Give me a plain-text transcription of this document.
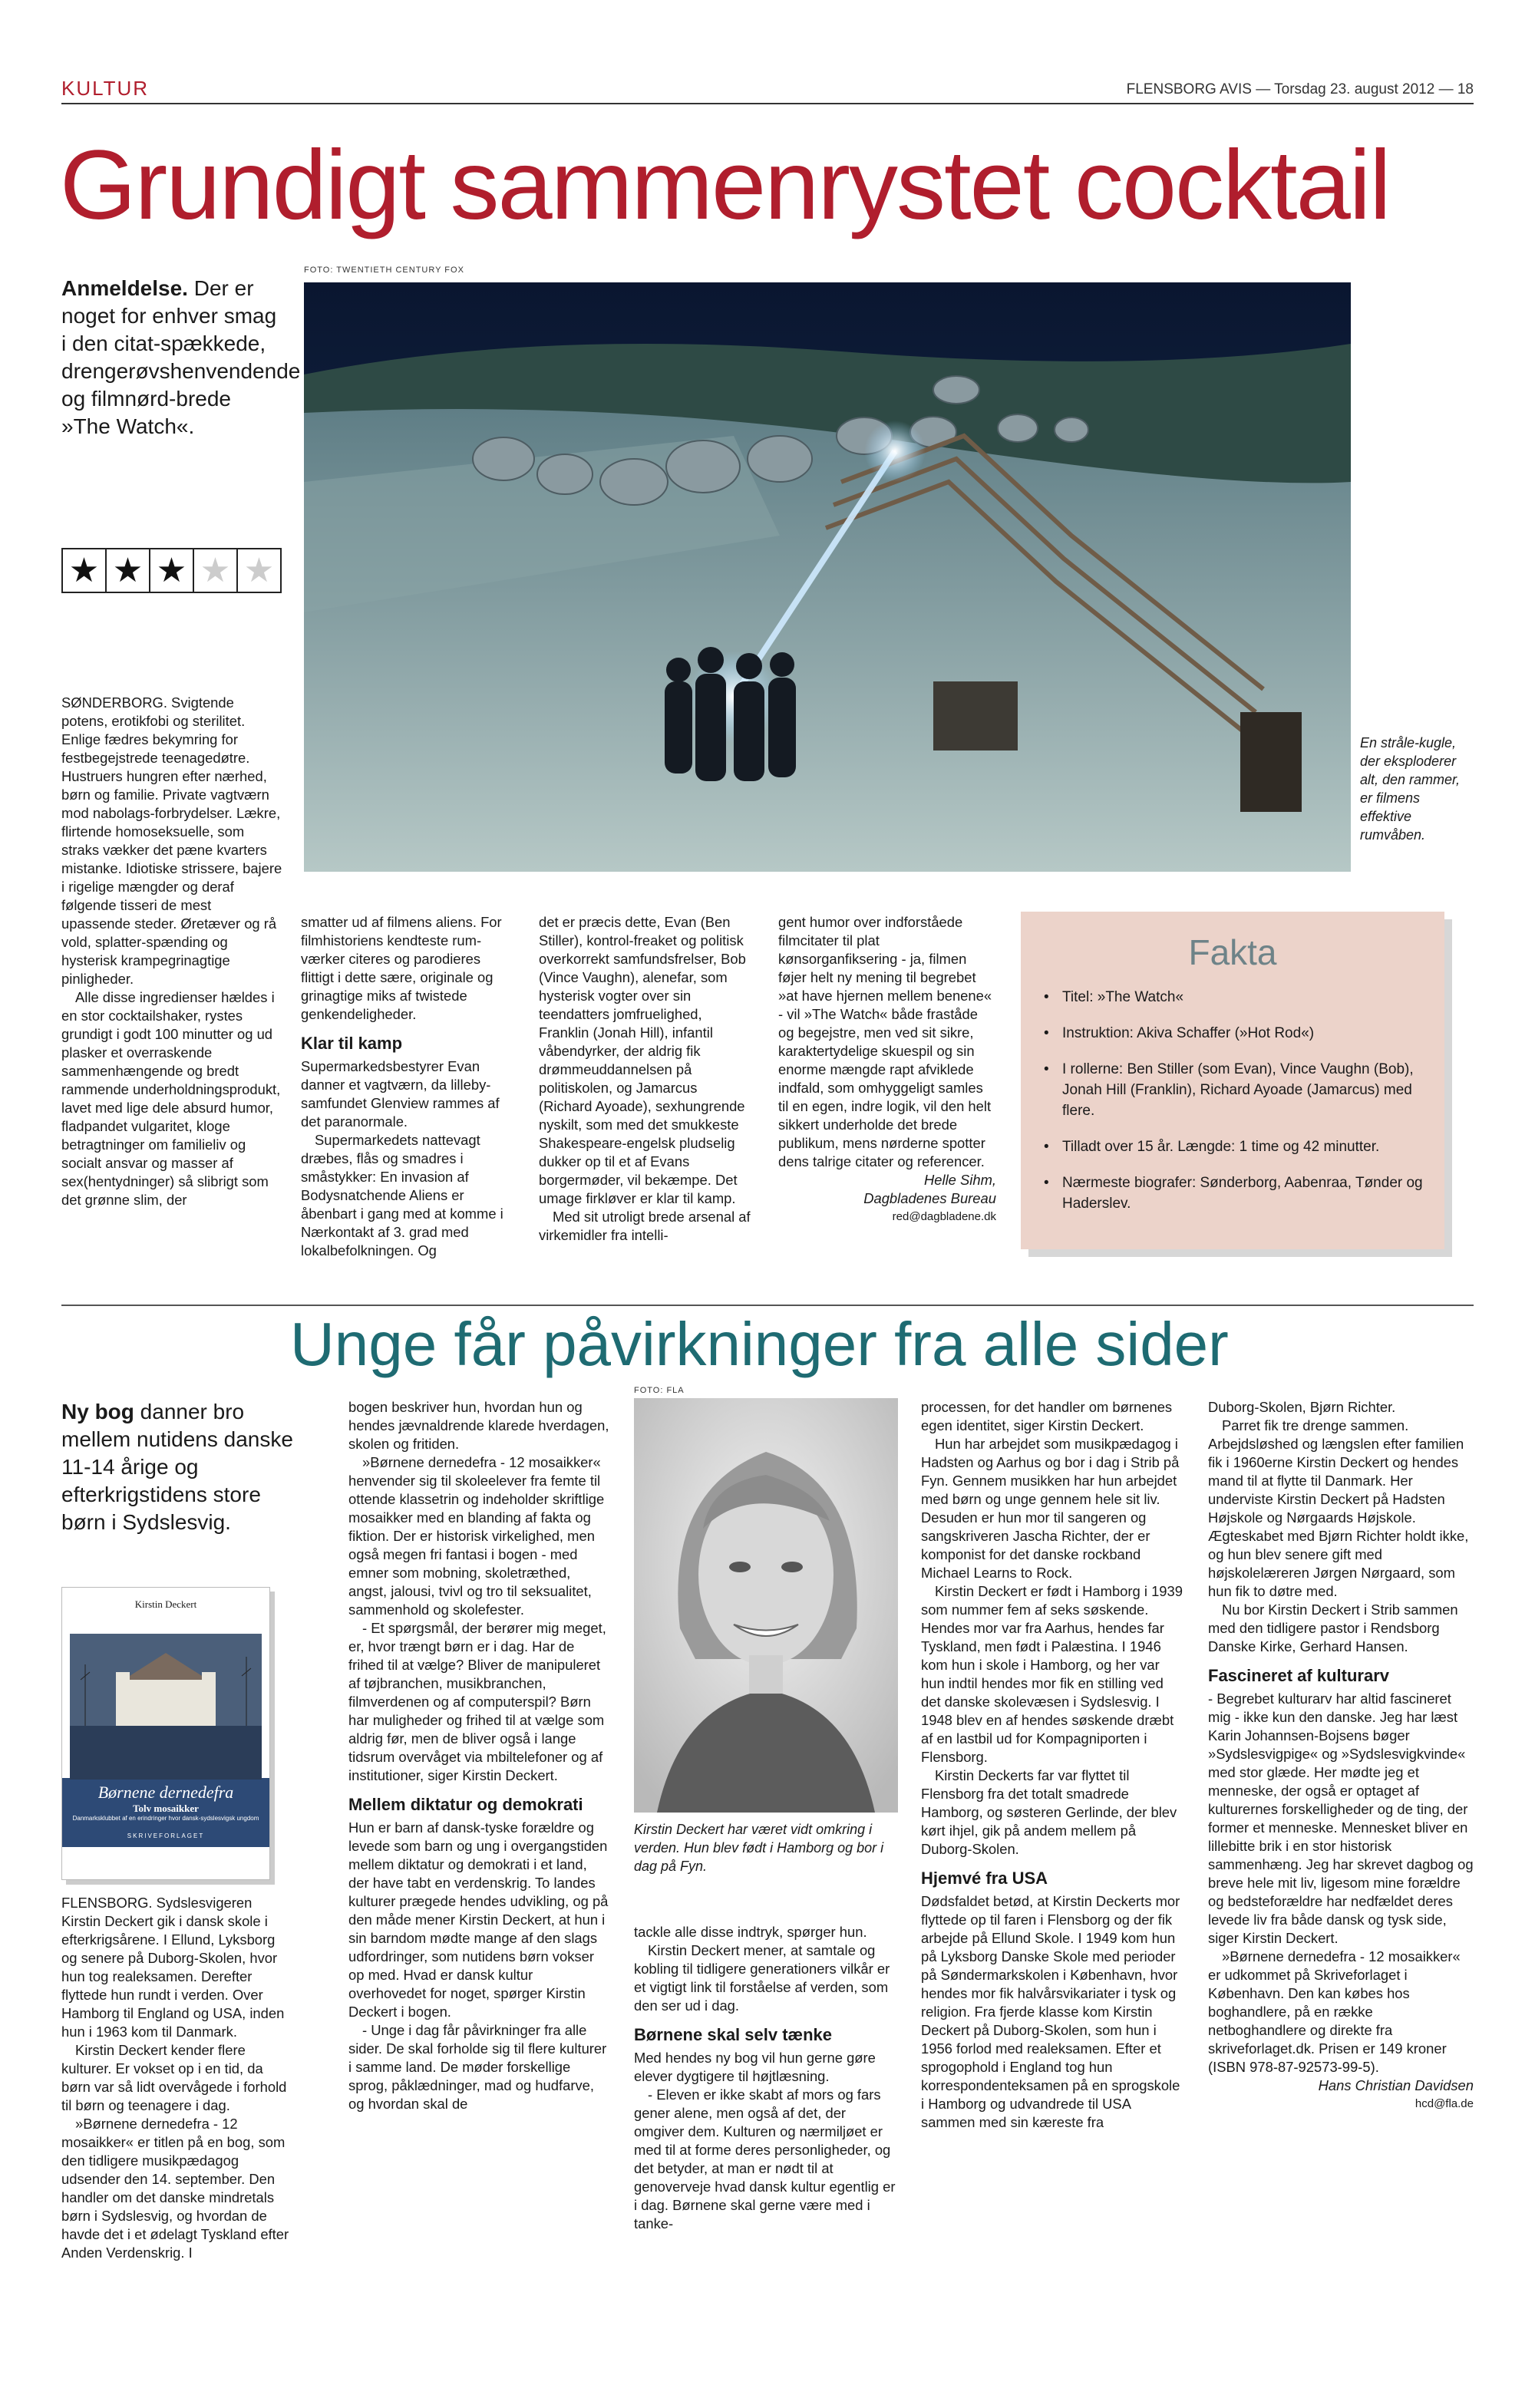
KULTUR	FLENSBORG AVIS — Torsdag 23. august 2012 — 18
Grundigt sammenrystet cocktail
Anmeldelse. Der er noget for enhver smag i den citat-spækkede, drengerøvshenvendende og filmnørd-brede »The Watch«.
★ ★ ★ ★ ★
FOTO: TWENTIETH CENTURY FOX
En stråle-kugle, der eksploderer alt, den rammer, er filmens effektive rumvåben.

SØNDERBORG. Svigtende potens, erotikfobi og sterilitet. Enlige fædres bekymring for festbegejstrede teenagedøtre. Hustruers hungren efter nærhed, børn og familie. Private vagtværn mod nabolags-forbrydelser. Lækre, flirtende homoseksuelle, som straks vækker det pæne kvarters mistanke. Idiotiske strissere, bajere i rigelige mængder og deraf følgende tisseri de mest upassende steder. Øretæver og rå vold, splatter-spænding og hysterisk krampegrinagtige pinligheder.

Alle disse ingredienser hældes i en stor cocktailshaker, rystes grundigt i godt 100 minutter og ud plasker et overraskende sammenhængende og bredt rammende underholdningsprodukt, lavet med lige dele absurd humor, fladpandet vulgaritet, kloge betragtninger om familieliv og socialt ansvar og masser af sex(hentydninger) så slibrigt som det grønne slim, der

smatter ud af filmens aliens. For filmhistoriens kendteste rum-værker citeres og parodieres flittigt i dette sære, originale og grinagtige miks af twistede genkendeligheder.

Klar til kamp

Supermarkedsbestyrer Evan danner et vagtværn, da lilleby-samfundet Glenview rammes af det paranormale.

Supermarkedets nattevagt dræbes, flås og smadres i småstykker: En invasion af Bodysnatchende Aliens er åbenbart i gang med at komme i Nærkontakt af 3. grad med lokalbefolkningen. Og

det er præcis dette, Evan (Ben Stiller), kontrol-freaket og politisk overkorrekt samfundsfrelser, Bob (Vince Vaughn), alenefar, som hysterisk vogter over sin teendatters jomfruelighed, Franklin (Jonah Hill), infantil våbendyrker, der aldrig fik drømmeuddannelsen på politiskolen, og Jamarcus (Richard Ayoade), sexhungrende nyskilt, som med det smukkeste Shakespeare-engelsk pludselig dukker op til et af Evans borgermøder, vil bekæmpe. Det umage firkløver er klar til kamp.

Med sit utroligt brede arsenal af virkemidler fra intelli-

gent humor over indforståede filmcitater til plat kønsorganfiksering - ja, filmen føjer helt ny mening til begrebet »at have hjernen mellem benene« - vil »The Watch« både fraståde og begejstre, men ved sit sikre, karaktertydelige skuespil og sin enorme mængde rapt afviklede indfald, som omhyggeligt samles til en egen, indre logik, vil den helt sikkert underholde det brede publikum, mens nørderne spotter dens talrige citater og referencer.

Helle Sihm,
Dagbladenes Bureau
red@dagbladene.dk
Fakta
• Titel: »The Watch«
• Instruktion: Akiva Schaffer (»Hot Rod«)
• I rollerne: Ben Stiller (som Evan), Vince Vaughn (Bob), Jonah Hill (Franklin), Richard Ayoade (Jamarcus) med flere.
• Tilladt over 15 år. Længde: 1 time og 42 minutter.
• Nærmeste biografer: Sønderborg, Aabenraa, Tønder og Haderslev.
Unge får påvirkninger fra alle sider
Ny bog danner bro mellem nutidens danske 11-14 årige og efterkrigstidens store børn i Sydslesvig.
Kirstin Deckert
Børnene dernedefra
Tolv mosaikker
Danmarksklubbet af en erindringer hvor dansk-sydslesvigsk ungdom
SKRIVEFORLAGET

FLENSBORG. Sydslesvigeren Kirstin Deckert gik i dansk skole i efterkrigsårene. I Ellund, Lyksborg og senere på Duborg-Skolen, hvor hun tog realeksamen. Derefter flyttede hun rundt i verden. Over Hamborg til England og USA, inden hun i 1963 kom til Danmark.

Kirstin Deckert kender flere kulturer. Er vokset op i en tid, da børn var så lidt overvågede i forhold til børn og teenagere i dag.

»Børnene dernedefra - 12 mosaikker« er titlen på en bog, som den tidligere musikpædagog udsender den 14. september. Den handler om det danske mindretals børn i Sydslesvig, og hvordan de havde det i et ødelagt Tyskland efter Anden Verdenskrig. I

bogen beskriver hun, hvordan hun og hendes jævnaldrende klarede hverdagen, skolen og fritiden.

»Børnene dernedefra - 12 mosaikker« henvender sig til skoleelever fra femte til ottende klassetrin og indeholder skriftlige mosaikker med en blanding af fakta og fiktion. Der er historisk virkelighed, men også megen fri fantasi i bogen - med emner som mobning, skoletræthed, angst, jalousi, tvivl og tro til seksualitet, sammenhold og skolefester.

- Et spørgsmål, der berører mig meget, er, hvor trængt børn er i dag. Har de frihed til at vælge? Bliver de manipuleret af tøjbranchen, musikbranchen, filmverdenen og af computerspil? Børn har muligheder og frihed til at vælge som aldrig før, men de bliver også i lange tidsrum overvåget via mbiltelefoner og af institutioner, siger Kirstin Deckert.

Mellem diktatur og demokrati

Hun er barn af dansk-tyske forældre og levede som barn og ung i overgangstiden mellem diktatur og demokrati i et land, der have tabt en verdenskrig. To landes kulturer prægede hendes udvikling, og på den måde mener Kirstin Deckert, at hun i sin barndom mødte mange af den slags udfordringer, som nutidens børn vokser op med. Hvad er dansk kultur overhovedet for noget, spørger Kirstin Deckert i bogen.

- Unge i dag får påvirkninger fra alle sider. De skal forholde sig til flere kulturer i samme land. De møder forskellige sprog, påklædninger, mad og hudfarve, og hvordan skal de

FOTO: FLA
Kirstin Deckert har været vidt omkring i verden. Hun blev født i Hamborg og bor i dag på Fyn.

tackle alle disse indtryk, spørger hun.

Kirstin Deckert mener, at samtale og kobling til tidligere generationers vilkår er et vigtigt link til forståelse af verden, som den ser ud i dag.

Børnene skal selv tænke

Med hendes ny bog vil hun gerne gøre elever dygtigere til højtlæsning.

- Eleven er ikke skabt af mors og fars gener alene, men også af det, der omgiver dem. Kulturen og nærmiljøet er med til at forme deres personligheder, og det betyder, at man er nødt til at genoverveje hvad dansk kultur egentlig er i dag. Børnene skal gerne være med i tanke-

processen, for det handler om børnenes egen identitet, siger Kirstin Deckert.

Hun har arbejdet som musikpædagog i Hadsten og Aarhus og bor i dag i Strib på Fyn. Gennem musikken har hun arbejdet med børn og unge gennem hele sit liv. Desuden er hun mor til sangeren og sangskriveren Jascha Richter, der er komponist for det danske rockband Michael Learns to Rock.

Kirstin Deckert er født i Hamborg i 1939 som nummer fem af seks søskende. Hendes mor var fra Aarhus, hendes far Tyskland, men født i Palæstina. I 1946 kom hun i skole i Hamborg, og her var hun indtil hendes mor fik en stilling ved det danske skolevæsen i Sydslesvig. I 1948 blev en af hendes søskende dræbt af en lastbil ud for Kompagniporten i Flensborg.

Kirstin Deckerts far var flyttet til Flensborg fra det totalt smadrede Hamborg, og søsteren Gerlinde, der blev kørt ihjel, gik på andem mellem på Duborg-Skolen.

Hjemvé fra USA

Dødsfaldet betød, at Kirstin Deckerts mor flyttede op til faren i Flensborg og der fik arbejde på Ellund Skole. I 1949 kom hun på Lyksborg Danske Skole med perioder på Søndermarkskolen i København, hvor hendes mor fik halvårsvikariater i tysk og religion. Fra fjerde klasse kom Kirstin Deckert på Duborg-Skolen, som hun i 1956 forlod med realeksamen. Efter et sprogophold i England tog hun korrespondenteksamen på en sprogskole i Hamborg og udvandrede til USA sammen med sin kæreste fra

Duborg-Skolen, Bjørn Richter.

Parret fik tre drenge sammen. Arbejdsløshed og længslen efter familien fik i 1960erne Kirstin Deckert og hendes mand til at flytte til Danmark. Her underviste Kirstin Deckert på Hadsten Højskole og Nørgaards Højskole. Ægteskabet med Bjørn Richter holdt ikke, og hun blev senere gift med højskolelæreren Jørgen Nørgaard, som hun fik to døtre med.

Nu bor Kirstin Deckert i Strib sammen med den tidligere pastor i Rendsborg Danske Kirke, Gerhard Hansen.

Fascineret af kulturarv

- Begrebet kulturarv har altid fascineret mig - ikke kun den danske. Jeg har læst Karin Johannsen-Bojsens bøger »Sydslesvigpige« og »Sydslesvigkvinde« med stor glæde. Her mødte jeg et menneske, der også er optaget af kulturernes forskelligheder og de ting, der former et menneske. Mennesket bliver en lillebitte brik i en stor historisk sammenhæng. Jeg har skrevet dagbog og breve hele mit liv, ligesom mine forældre og bedsteforældre har nedfældet deres levede liv fra både dansk og tysk side, siger Kirstin Deckert.

»Børnene dernedefra - 12 mosaikker« er udkommet på Skriveforlaget i København. Den kan købes hos boghandlere, på en række netboghandlere og direkte fra skriveforlaget.dk. Prisen er 149 kroner (ISBN 978-87-92573-99-5).

Hans Christian Davidsen
hcd@fla.de
